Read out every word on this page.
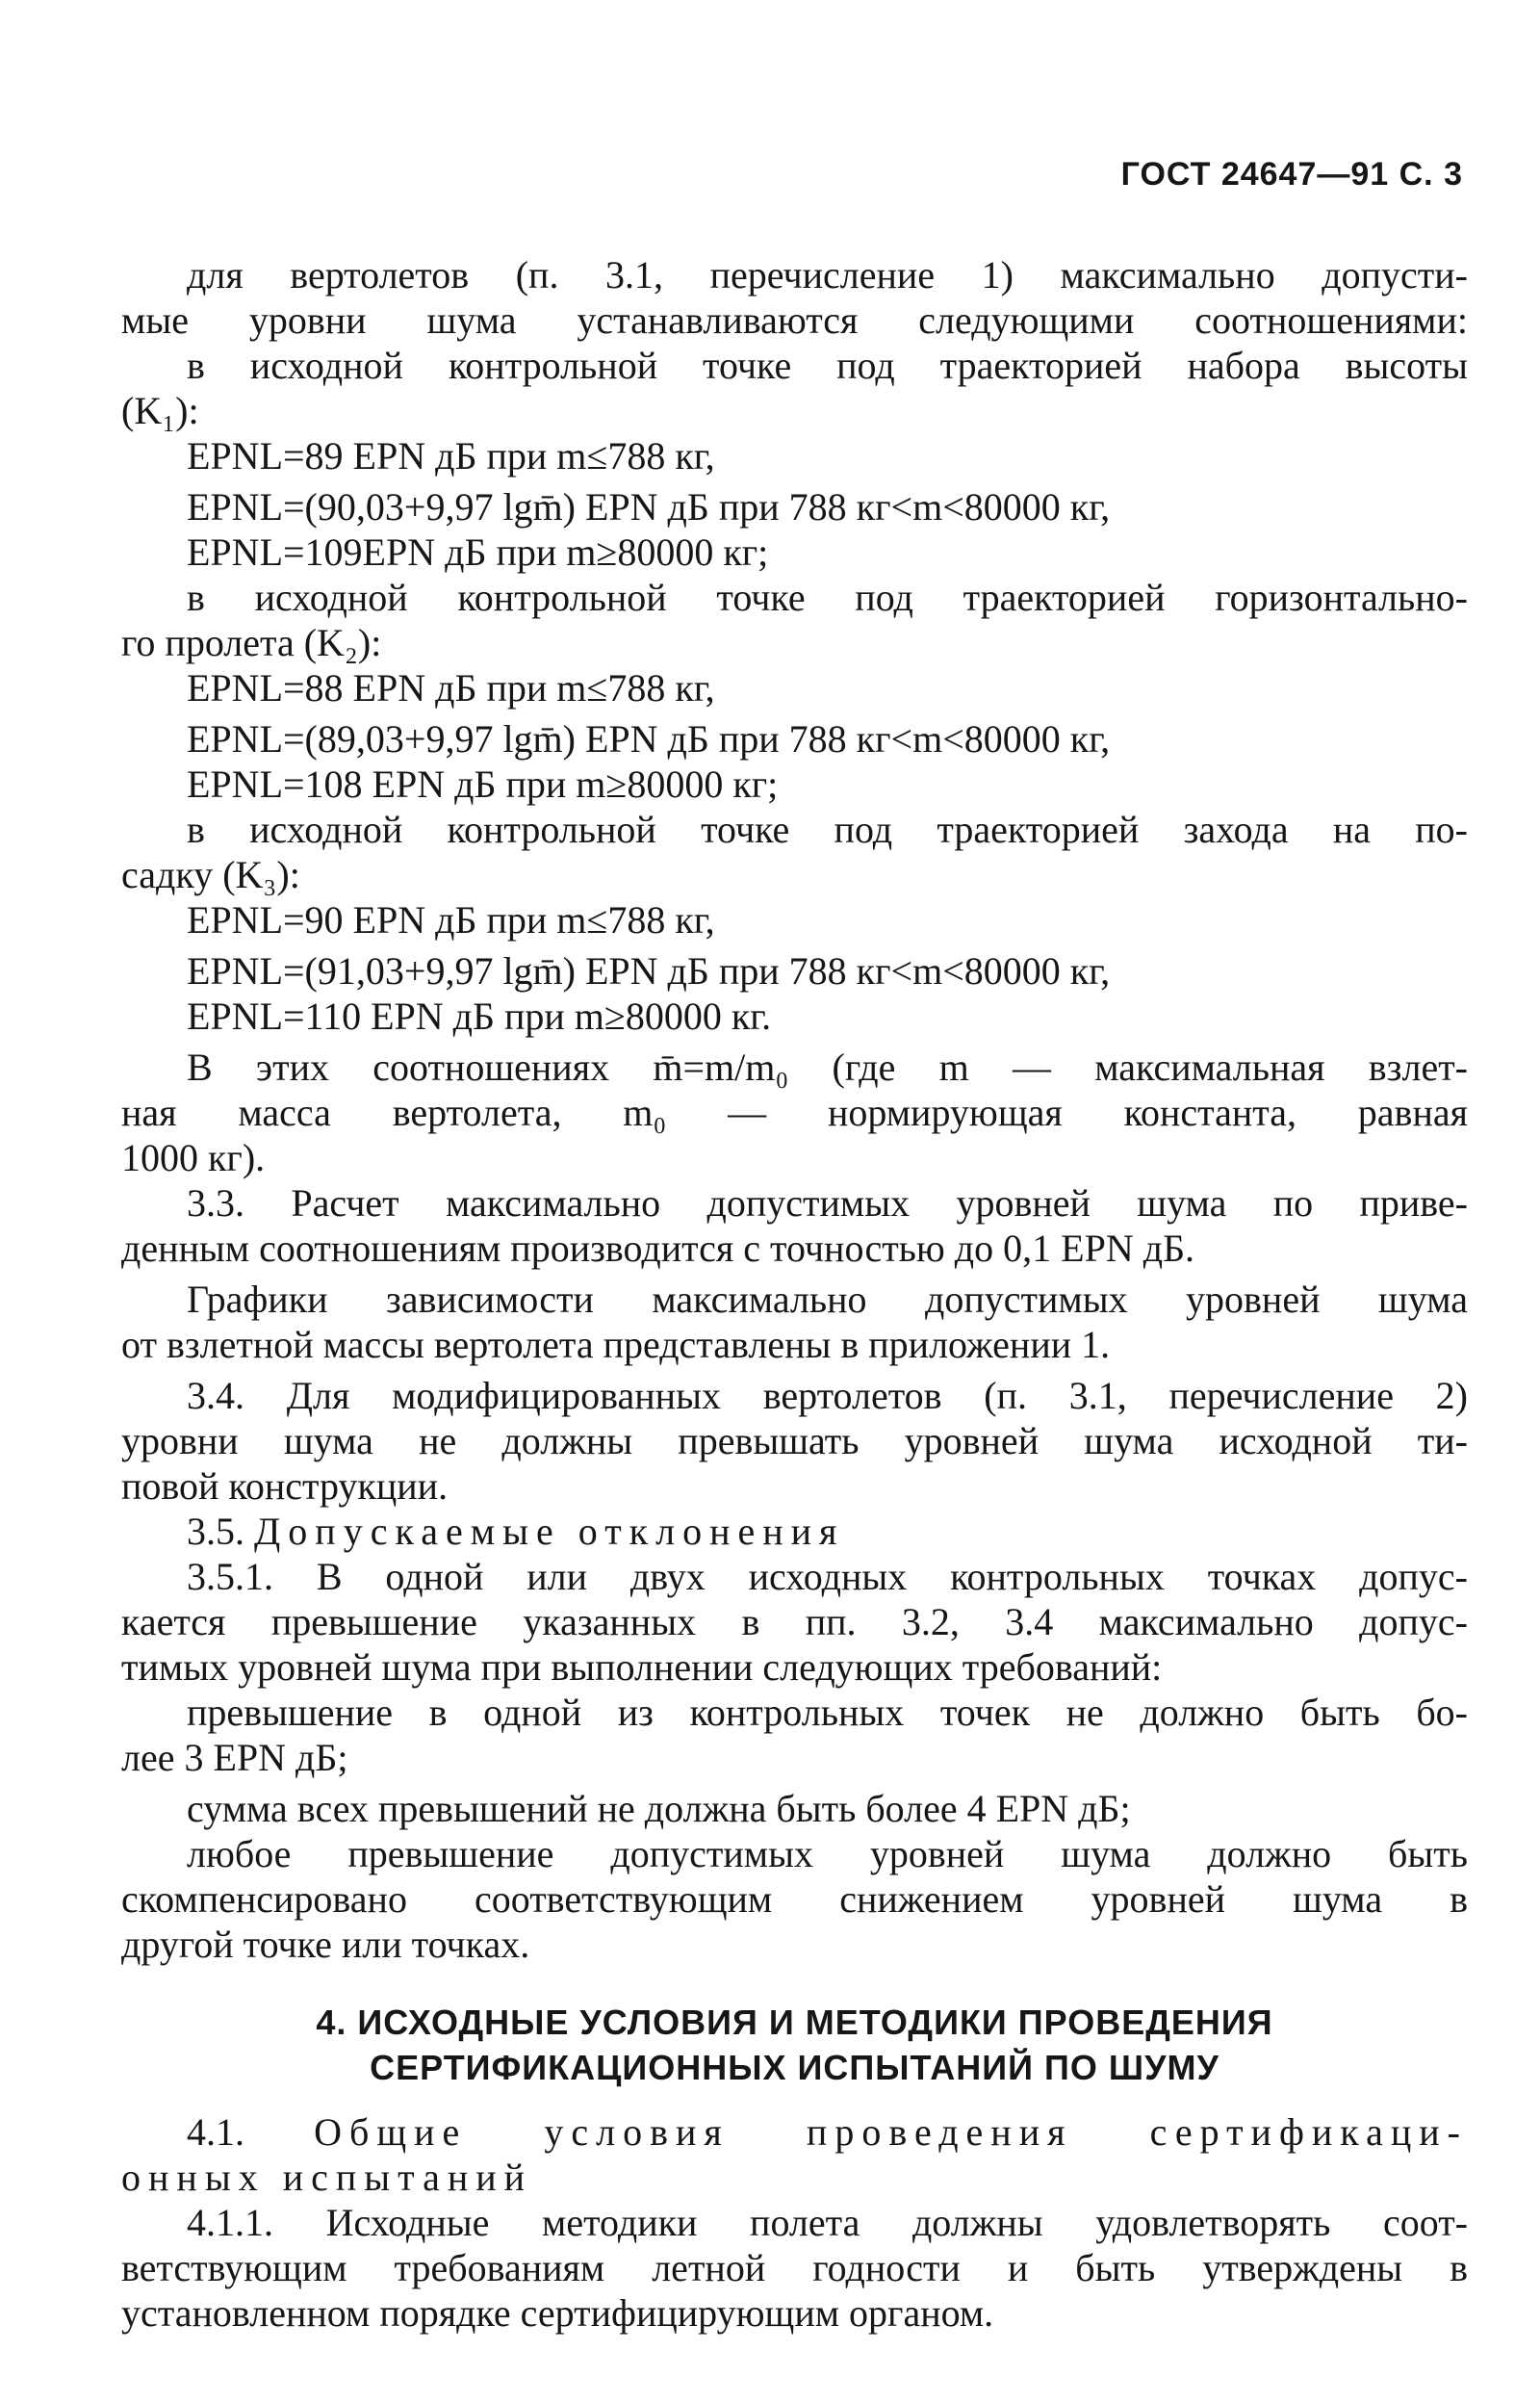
ГОСТ 24647—91 С. 3
для вертолетов (п. 3.1, перечисление 1) максимально допусти-
мые уровни шума устанавливаются следующими соотношениями:
в исходной контрольной точке под траекторией набора высоты
(K₁):
EPNL=89 EPN дБ при m≤788 кг,
EPNL=(90,03+9,97 lgm̄) EPN дБ при 788 кг<m<80000 кг,
EPNL=109EPN дБ при m≥80000 кг;
в исходной контрольной точке под траекторией горизонтально-
го пролета (K₂):
EPNL=88 EPN дБ при m≤788 кг,
EPNL=(89,03+9,97 lgm̄) EPN дБ при 788 кг<m<80000 кг,
EPNL=108 EPN дБ при m≥80000 кг;
в исходной контрольной точке под траекторией захода на по-
садку (K₃):
EPNL=90 EPN дБ при m≤788 кг,
EPNL=(91,03+9,97 lgm̄) EPN дБ при 788 кг<m<80000 кг,
EPNL=110 EPN дБ при m≥80000 кг.
В этих соотношениях m̄=m/m₀ (где m — максимальная взлет-
ная масса вертолета, m₀ — нормирующая константа, равная
1000 кг).
3.3. Расчет максимально допустимых уровней шума по приве-
денным соотношениям производится с точностью до 0,1 EPN дБ.
Графики зависимости максимально допустимых уровней шума
от взлетной массы вертолета представлены в приложении 1.
3.4. Для модифицированных вертолетов (п. 3.1, перечисление 2)
уровни шума не должны превышать уровней шума исходной ти-
повой конструкции.
3.5. Допускаемые отклонения
3.5.1. В одной или двух исходных контрольных точках допус-
кается превышение указанных в пп. 3.2, 3.4 максимально допус-
тимых уровней шума при выполнении следующих требований:
превышение в одной из контрольных точек не должно быть бо-
лее 3 EPN дБ;
сумма всех превышений не должна быть более 4 EPN дБ;
любое превышение допустимых уровней шума должно быть
скомпенсировано соответствующим снижением уровней шума в
другой точке или точках.
4. ИСХОДНЫЕ УСЛОВИЯ И МЕТОДИКИ ПРОВЕДЕНИЯ
СЕРТИФИКАЦИОННЫХ ИСПЫТАНИЙ ПО ШУМУ
4.1. Общие условия проведения сертификаци-
онных испытаний
4.1.1. Исходные методики полета должны удовлетворять соот-
ветствующим требованиям летной годности и быть утверждены в
установленном порядке сертифицирующим органом.
